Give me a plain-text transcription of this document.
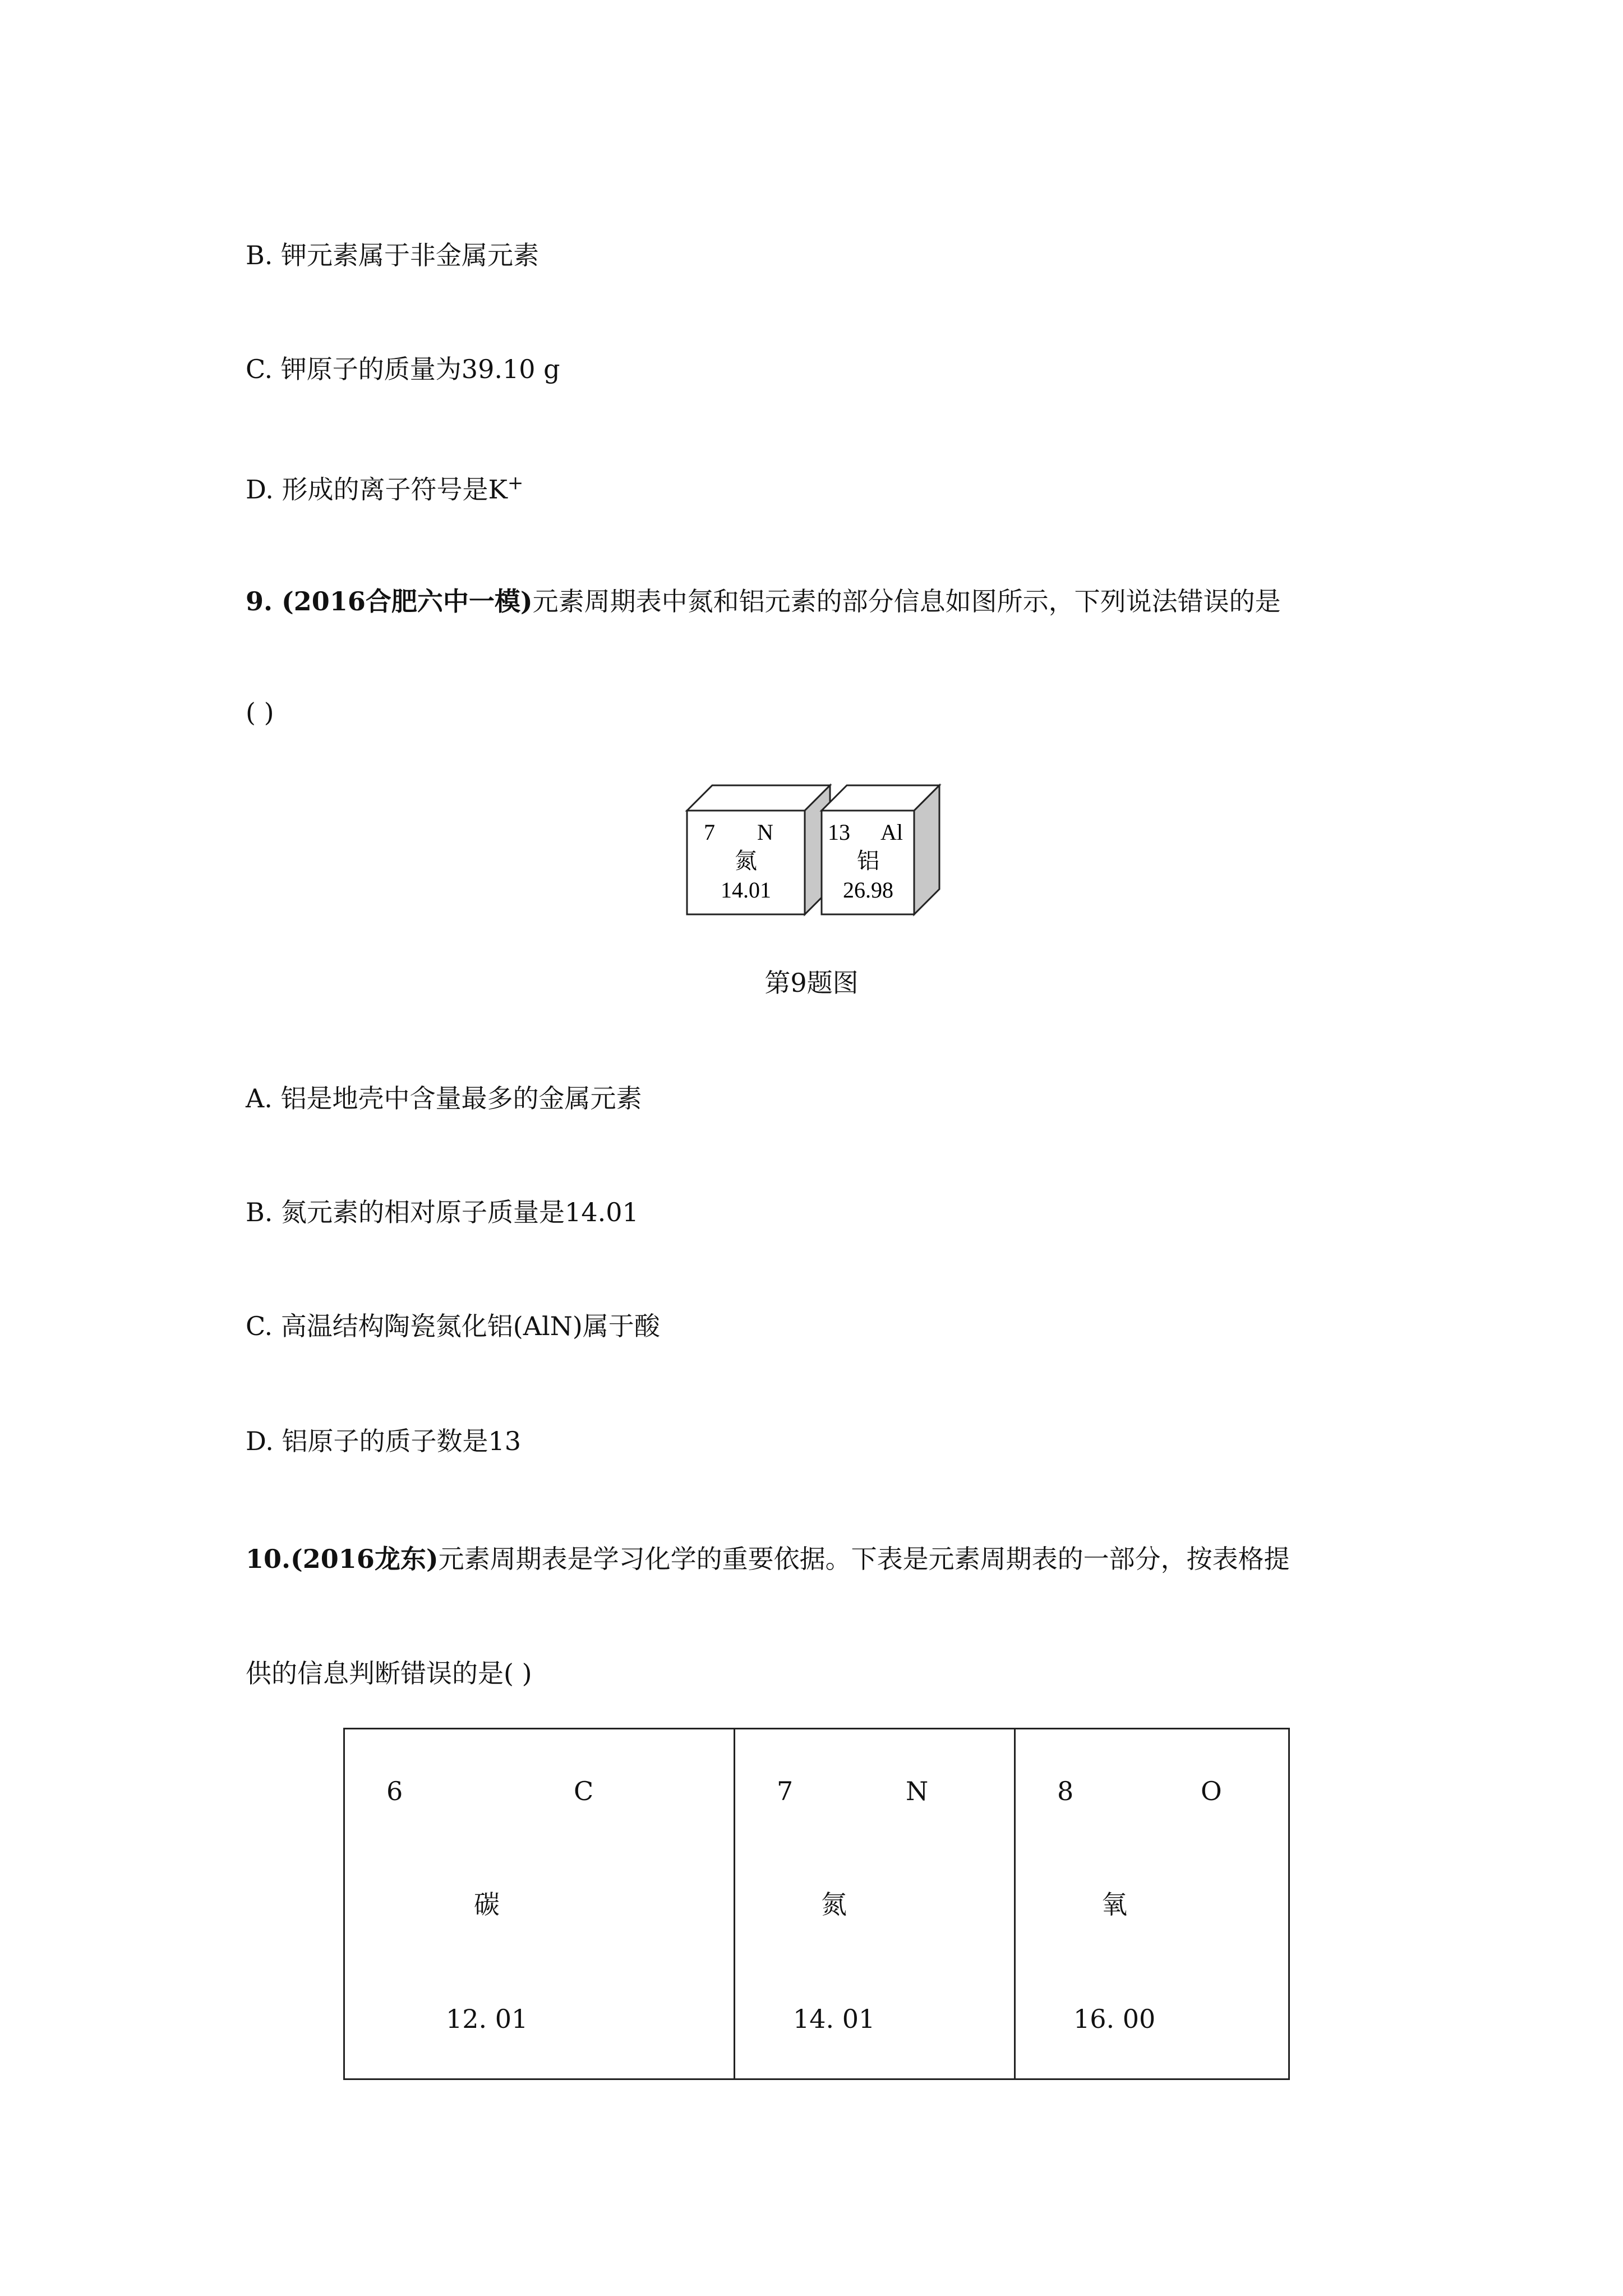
B. 钾元素属于非金属元素
C. 钾原子的质量为39.10 g
D. 形成的离子符号是K+
9. (2016合肥六中一模)元素周期表中氮和铝元素的部分信息如图所示，下列说法错误的是
( )
7 N
氮
14.01
13 Al
铝
26.98
第9题图
A. 铝是地壳中含量最多的金属元素
B. 氮元素的相对原子质量是14.01
C. 高温结构陶瓷氮化铝(AlN)属于酸
D. 铝原子的质子数是13
10.(2016龙东)元素周期表是学习化学的重要依据。下表是元素周期表的一部分，按表格提
供的信息判断错误的是( )
6	C
碳
12. 01
7	N
氮
14. 01
8	O
氧
16. 00
